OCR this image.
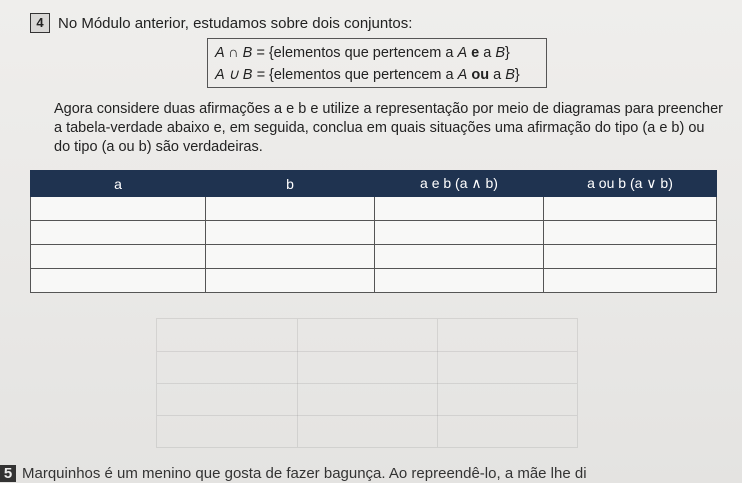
4 No Módulo anterior, estudamos sobre dois conjuntos:
A ∩ B = {elementos que pertencem a A e a B}
A ∪ B = {elementos que pertencem a A ou a B}
Agora considere duas afirmações a e b e utilize a representação por meio de diagramas para preencher a tabela-verdade abaixo e, em seguida, conclua em quais situações uma afirmação do tipo (a e b) ou do tipo (a ou b) são verdadeiras.
a	b	a e b (a ∧ b)	a ou b (a ∨ b)

5 Marquinhos é um menino que gosta de fazer bagunça. Ao repreendê-lo, a mãe lhe di
